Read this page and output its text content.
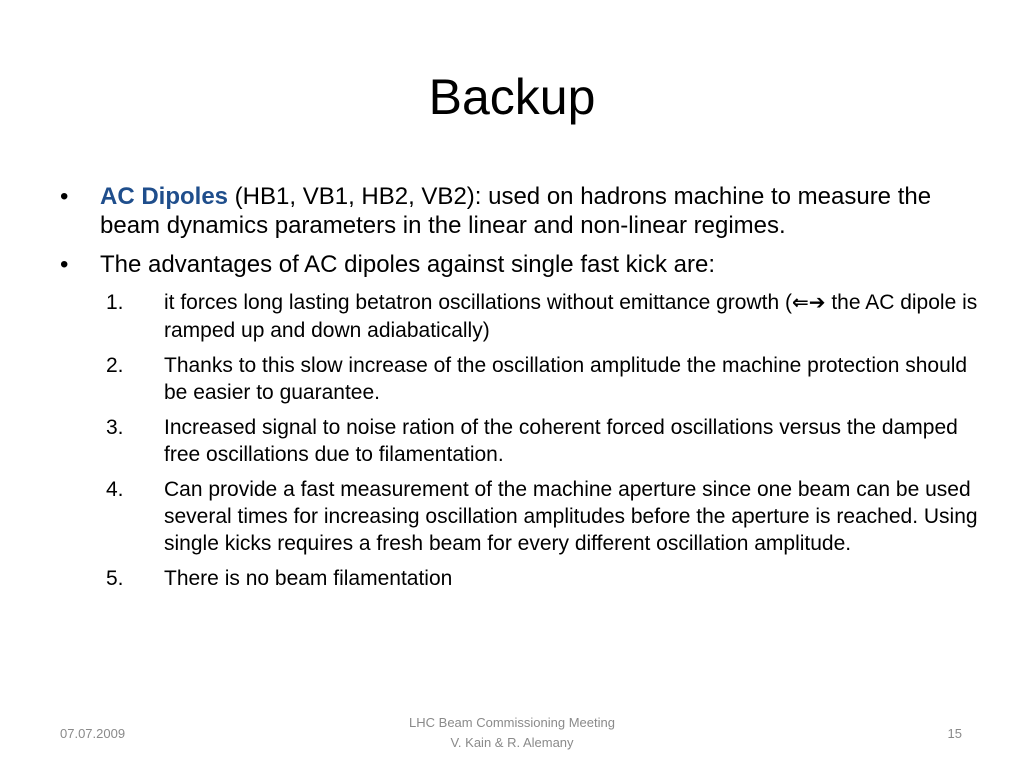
Backup
•	AC Dipoles (HB1, VB1, HB2, VB2): used on hadrons machine to measure the beam dynamics parameters in the linear and non-linear regimes.
•	The advantages of AC dipoles against single fast kick are:
1. it forces long lasting betatron oscillations without emittance growth (⇐➔ the AC dipole is ramped up and down adiabatically)
2. Thanks to this slow increase of the oscillation amplitude the machine protection should be easier to guarantee.
3. Increased signal to noise ration of the coherent forced oscillations versus the damped free oscillations due to filamentation.
4. Can provide a fast measurement of the machine aperture since one beam can be used several times for increasing oscillation amplitudes before the aperture is reached. Using single kicks requires a fresh beam for every different oscillation amplitude.
5. There is no beam filamentation
07.07.2009
LHC Beam Commissioning Meeting
V. Kain & R. Alemany
15
